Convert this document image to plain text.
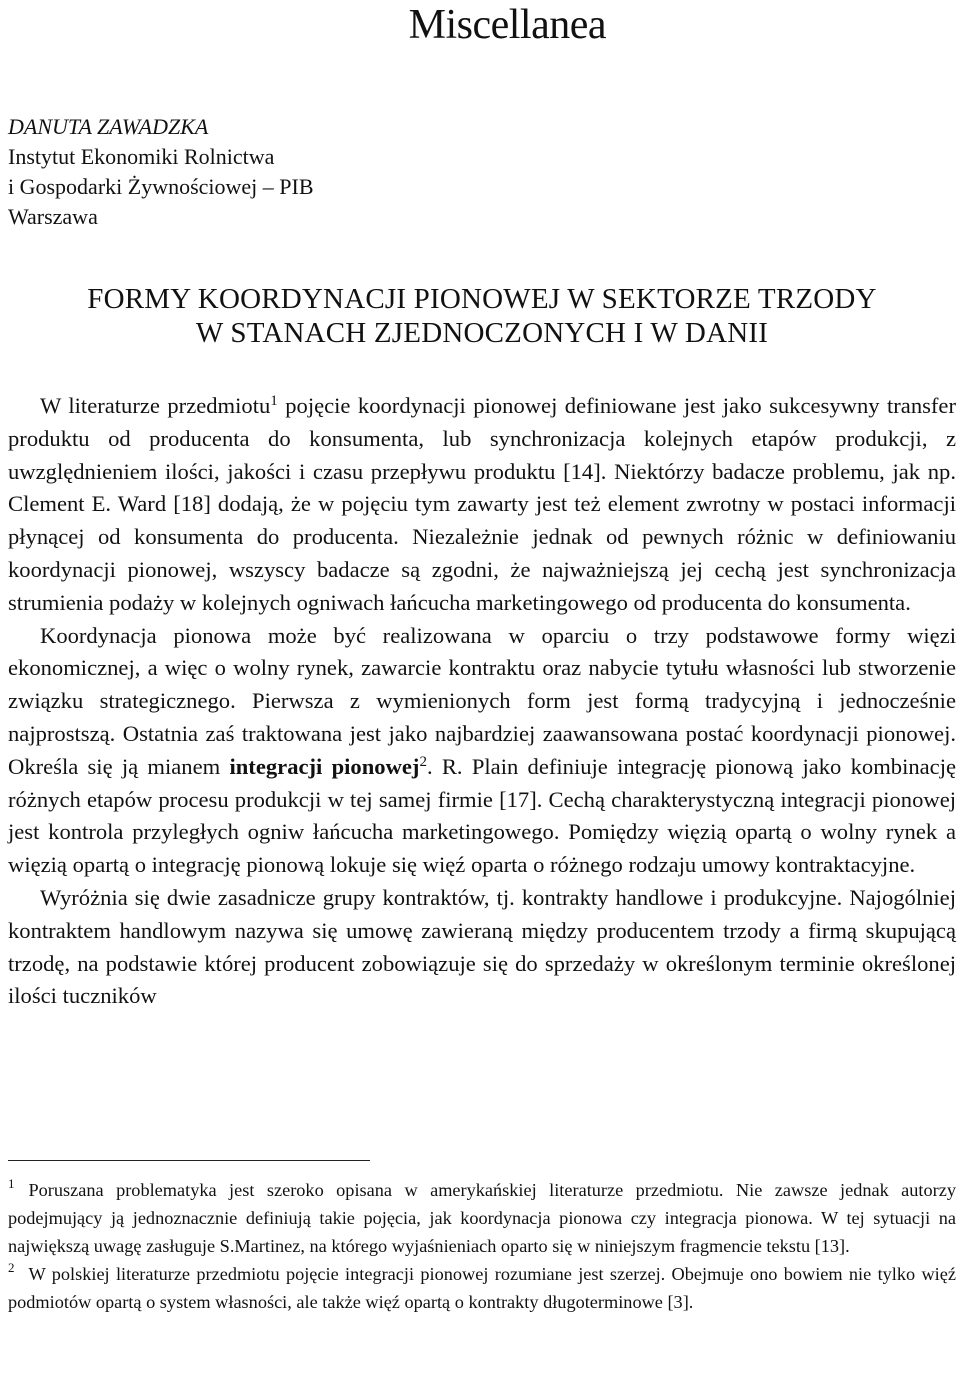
Miscellanea
DANUTA ZAWADZKA
Instytut Ekonomiki Rolnictwa
i Gospodarki Żywnościowej – PIB
Warszawa
FORMY KOORDYNACJI PIONOWEJ W SEKTORZE TRZODY
W STANACH ZJEDNOCZONYCH I W DANII

W literaturze przedmiotu$^1$ pojęcie koordynacji pionowej definiowane jest jako sukcesywny transfer produktu od producenta do konsumenta, lub synchronizacja kolejnych etapów produkcji, z uwzględnieniem ilości, jakości i czasu przepływu produktu [14]. Niektórzy badacze problemu, jak np. Clement E. Ward [18] dodają, że w pojęciu tym zawarty jest też element zwrotny w postaci informacji płynącej od konsumenta do producenta. Niezależnie jednak od pewnych różnic w definiowaniu koordynacji pionowej, wszyscy badacze są zgodni, że najważniejszą jej cechą jest synchronizacja strumienia podaży w kolejnych ogniwach łańcucha marketingowego od producenta do konsumenta.

Koordynacja pionowa może być realizowana w oparciu o trzy podstawowe formy więzi ekonomicznej, a więc o wolny rynek, zawarcie kontraktu oraz nabycie tytułu własności lub stworzenie związku strategicznego. Pierwsza z wymienionych form jest formą tradycyjną i jednocześnie najprostszą. Ostatnia zaś traktowana jest jako najbardziej zaawansowana postać koordynacji pionowej. Określa się ją mianem integracji pionowej$^2$. R. Plain definiuje integrację pionową jako kombinację różnych etapów procesu produkcji w tej samej firmie [17]. Cechą charakterystyczną integracji pionowej jest kontrola przyległych ogniw łańcucha marketingowego. Pomiędzy więzią opartą o wolny rynek a więzią opartą o integrację pionową lokuje się więź oparta o różnego rodzaju umowy kontraktacyjne.

Wyróżnia się dwie zasadnicze grupy kontraktów, tj. kontrakty handlowe i produkcyjne. Najogólniej kontraktem handlowym nazywa się umowę zawieraną między producentem trzody a firmą skupującą trzodę, na podstawie której producent zobowiązuje się do sprzedaży w określonym terminie określonej ilości tuczników

$^1$ Poruszana problematyka jest szeroko opisana w amerykańskiej literaturze przedmiotu. Nie zawsze jednak autorzy podejmujący ją jednoznacznie definiują takie pojęcia, jak koordynacja pionowa czy integracja pionowa. W tej sytuacji na największą uwagę zasługuje S.Martinez, na którego wyjaśnieniach oparto się w niniejszym fragmencie tekstu [13].

$^2$ W polskiej literaturze przedmiotu pojęcie integracji pionowej rozumiane jest szerzej. Obejmuje ono bowiem nie tylko więź podmiotów opartą o system własności, ale także więź opartą o kontrakty długoterminowe [3].
